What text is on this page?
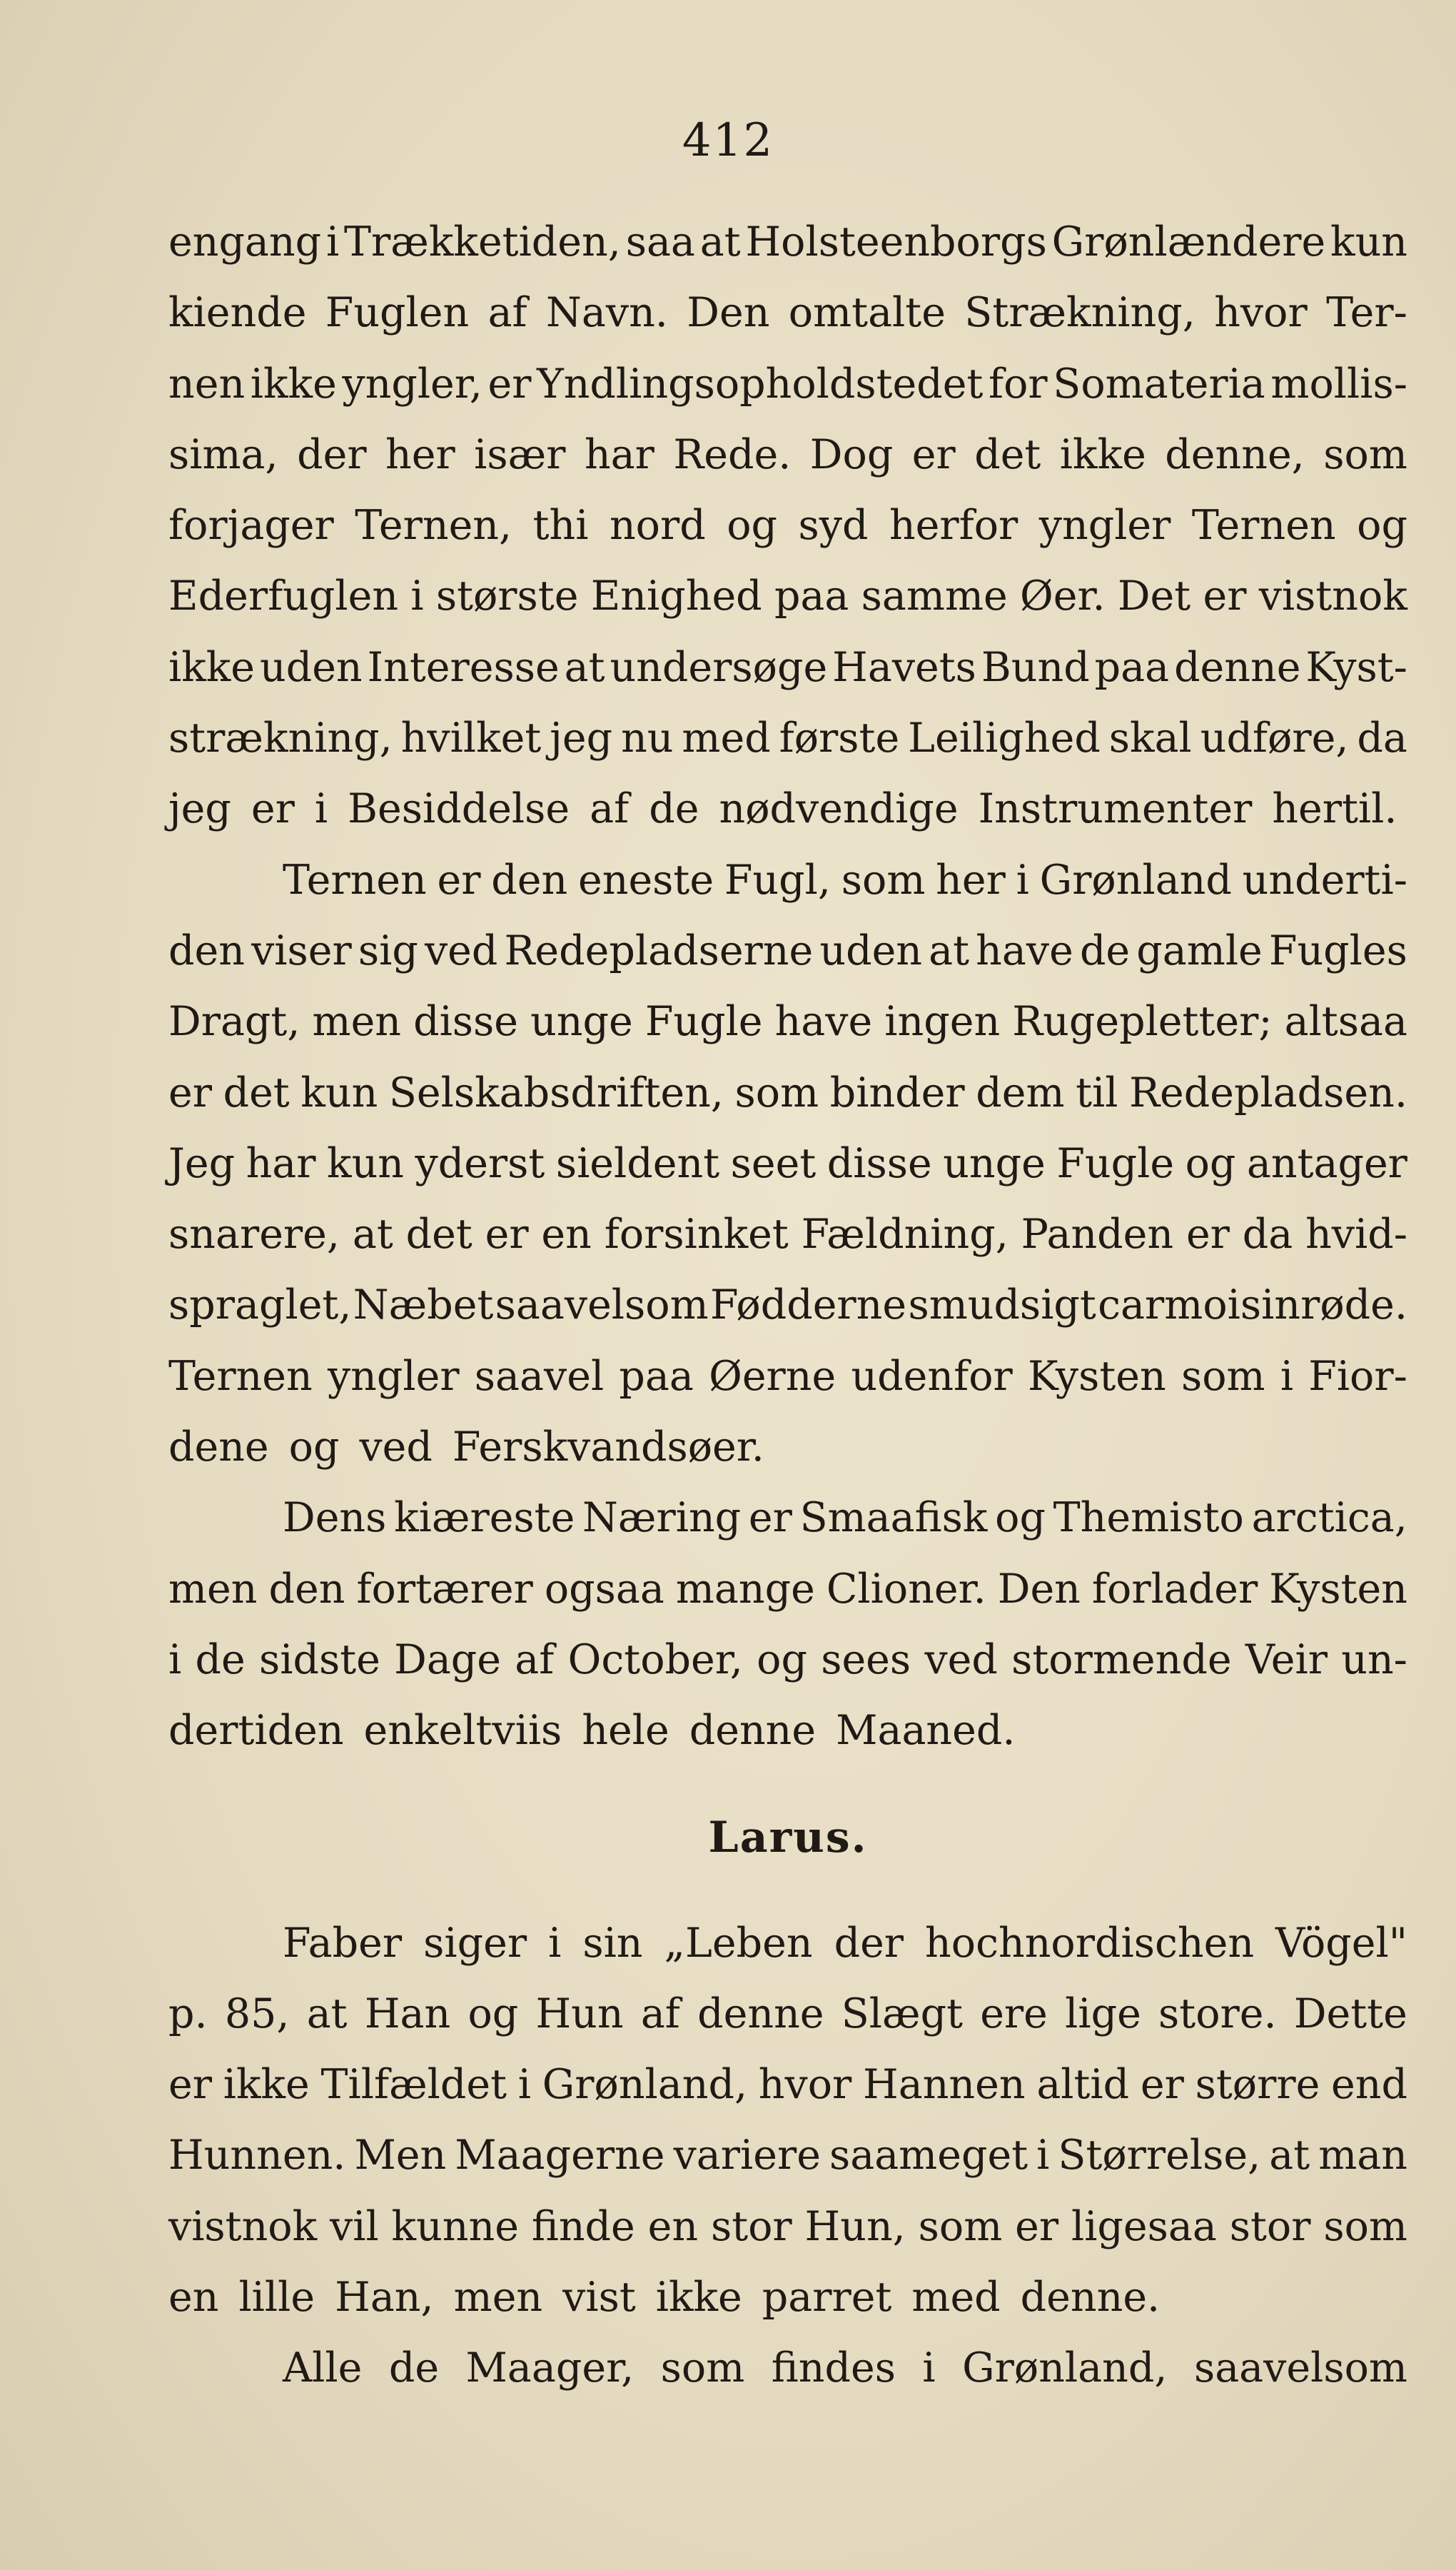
412
engang i Trækketiden, saa at Holsteenborgs Grønlændere kun
kiende Fuglen af Navn. Den omtalte Strækning, hvor Ter-
nen ikke yngler, er Yndlingsopholdstedet for Somateria mollis-
sima, der her især har Rede. Dog er det ikke denne, som
forjager Ternen, thi nord og syd herfor yngler Ternen og
Ederfuglen i største Enighed paa samme Øer. Det er vistnok
ikke uden Interesse at undersøge Havets Bund paa denne Kyst-
strækning, hvilket jeg nu med første Leilighed skal udføre, da
jeg er i Besiddelse af de nødvendige Instrumenter hertil.
Ternen er den eneste Fugl, som her i Grønland underti-
den viser sig ved Redepladserne uden at have de gamle Fugles
Dragt, men disse unge Fugle have ingen Rugepletter; altsaa
er det kun Selskabsdriften, som binder dem til Redepladsen.
Jeg har kun yderst sieldent seet disse unge Fugle og antager
snarere, at det er en forsinket Fældning, Panden er da hvid-
spraglet, Næbet saavelsom Fødderne smudsigt carmoisinrøde.
Ternen yngler saavel paa Øerne udenfor Kysten som i Fior-
dene og ved Ferskvandsøer.
Dens kiæreste Næring er Smaafisk og Themisto arctica,
men den fortærer ogsaa mange Clioner. Den forlader Kysten
i de sidste Dage af October, og sees ved stormende Veir un-
dertiden enkeltviis hele denne Maaned.
Larus.
Faber siger i sin „Leben der hochnordischen Vögel"
p. 85, at Han og Hun af denne Slægt ere lige store. Dette
er ikke Tilfældet i Grønland, hvor Hannen altid er større end
Hunnen. Men Maagerne variere saameget i Størrelse, at man
vistnok vil kunne finde en stor Hun, som er ligesaa stor som
en lille Han, men vist ikke parret med denne.
Alle de Maager, som findes i Grønland, saavelsom
